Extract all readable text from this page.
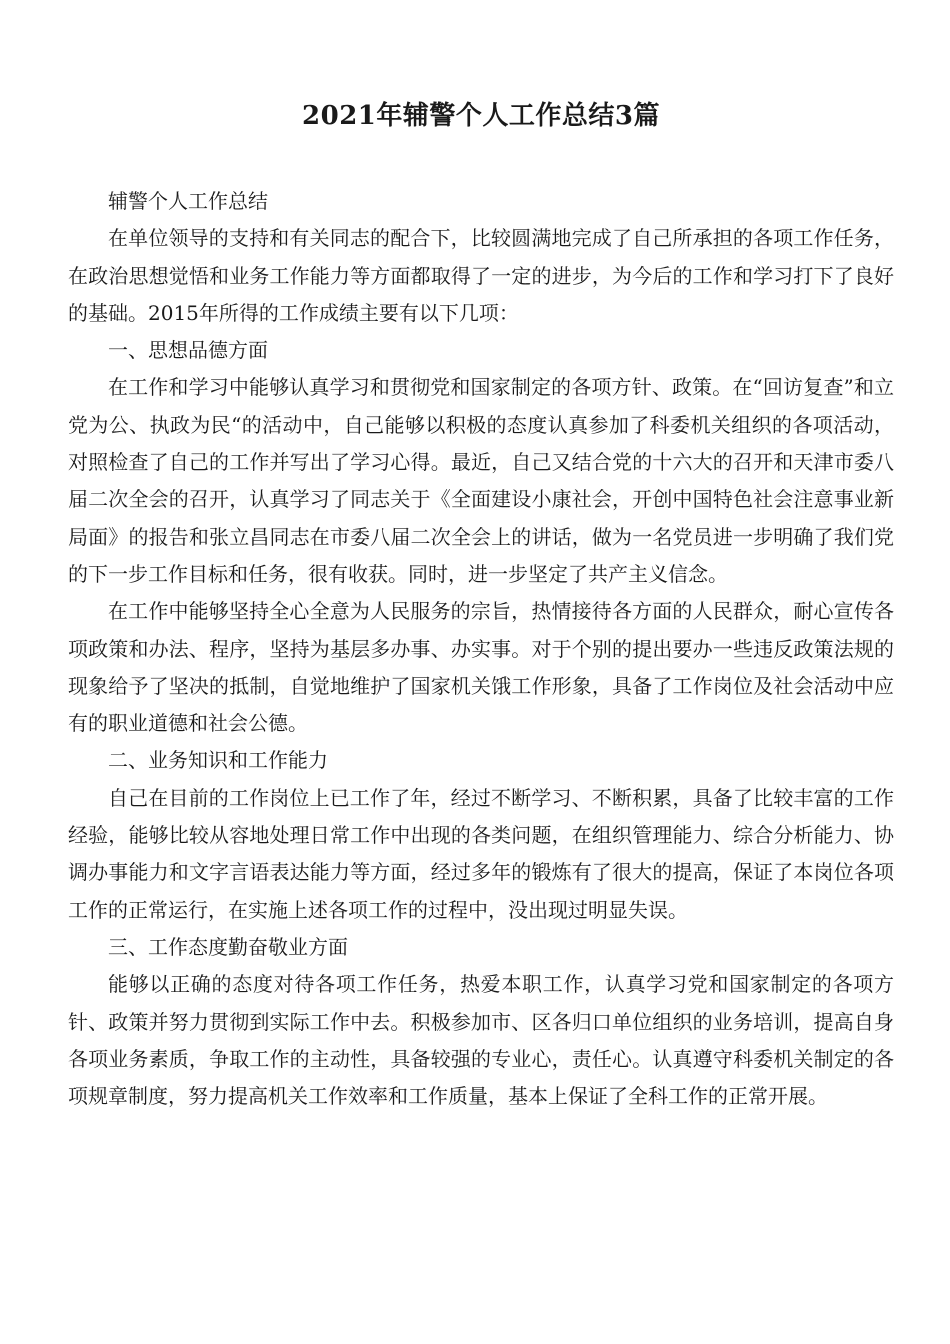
2021年辅警个人工作总结3篇

辅警个人工作总结

在单位领导的支持和有关同志的配合下，比较圆满地完成了自己所承担的各项工作任务，在政治思想觉悟和业务工作能力等方面都取得了一定的进步，为今后的工作和学习打下了良好的基础。2015年所得的工作成绩主要有以下几项：

一、思想品德方面

在工作和学习中能够认真学习和贯彻党和国家制定的各项方针、政策。在“回访复查”和立党为公、执政为民“的活动中，自己能够以积极的态度认真参加了科委机关组织的各项活动，对照检查了自己的工作并写出了学习心得。最近，自己又结合党的十六大的召开和天津市委八届二次全会的召开，认真学习了同志关于《全面建设小康社会，开创中国特色社会注意事业新局面》的报告和张立昌同志在市委八届二次全会上的讲话，做为一名党员进一步明确了我们党的下一步工作目标和任务，很有收获。同时，进一步坚定了共产主义信念。

在工作中能够坚持全心全意为人民服务的宗旨，热情接待各方面的人民群众，耐心宣传各项政策和办法、程序，坚持为基层多办事、办实事。对于个别的提出要办一些违反政策法规的现象给予了坚决的抵制，自觉地维护了国家机关饿工作形象，具备了工作岗位及社会活动中应有的职业道德和社会公德。

二、业务知识和工作能力

自己在目前的工作岗位上已工作了年，经过不断学习、不断积累，具备了比较丰富的工作经验，能够比较从容地处理日常工作中出现的各类问题，在组织管理能力、综合分析能力、协调办事能力和文字言语表达能力等方面，经过多年的锻炼有了很大的提高，保证了本岗位各项工作的正常运行，在实施上述各项工作的过程中，没出现过明显失误。

三、工作态度勤奋敬业方面

能够以正确的态度对待各项工作任务，热爱本职工作，认真学习党和国家制定的各项方针、政策并努力贯彻到实际工作中去。积极参加市、区各归口单位组织的业务培训，提高自身各项业务素质，争取工作的主动性，具备较强的专业心，责任心。认真遵守科委机关制定的各项规章制度，努力提高机关工作效率和工作质量，基本上保证了全科工作的正常开展。
